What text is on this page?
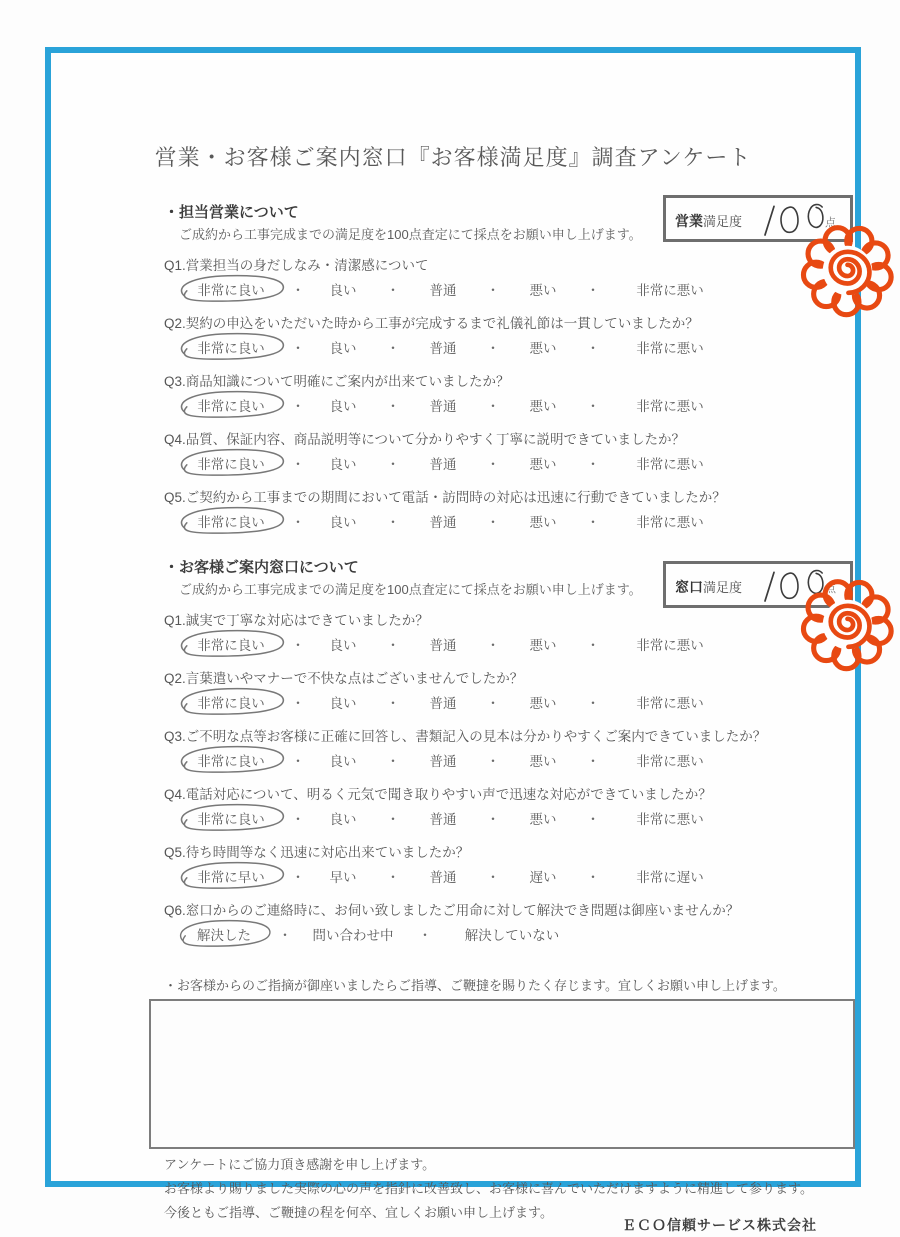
営業・お客様ご案内窓口『お客様満足度』調査アンケート
・担当営業について
ご成約から工事完成までの満足度を100点査定にて採点をお願い申し上げます。
Q1.営業担当の身だしなみ・清潔感について
非常に良い	・	良い	・	普通	・	悪い	・	非常に悪い
Q2.契約の申込をいただいた時から工事が完成するまで礼儀礼節は一貫していましたか？
非常に良い	・	良い	・	普通	・	悪い	・	非常に悪い
Q3.商品知識について明確にご案内が出来ていましたか？
非常に良い	・	良い	・	普通	・	悪い	・	非常に悪い
Q4.品質、保証内容、商品説明等について分かりやすく丁寧に説明できていましたか？
非常に良い	・	良い	・	普通	・	悪い	・	非常に悪い
Q5.ご契約から工事までの期間において電話・訪問時の対応は迅速に行動できていましたか？
非常に良い	・	良い	・	普通	・	悪い	・	非常に悪い
営業満足度	点
・お客様ご案内窓口について
ご成約から工事完成までの満足度を100点査定にて採点をお願い申し上げます。
Q1.誠実で丁寧な対応はできていましたか？
非常に良い	・	良い	・	普通	・	悪い	・	非常に悪い
Q2.言葉遣いやマナーで不快な点はございませんでしたか？
非常に良い	・	良い	・	普通	・	悪い	・	非常に悪い
Q3.ご不明な点等お客様に正確に回答し、書類記入の見本は分かりやすくご案内できていましたか？
非常に良い	・	良い	・	普通	・	悪い	・	非常に悪い
Q4.電話対応について、明るく元気で聞き取りやすい声で迅速な対応ができていましたか？
非常に良い	・	良い	・	普通	・	悪い	・	非常に悪い
Q5.待ち時間等なく迅速に対応出来ていましたか？
非常に早い	・	早い	・	普通	・	遅い	・	非常に遅い
Q6.窓口からのご連絡時に、お伺い致しましたご用命に対して解決でき問題は御座いませんか？
解決した	・	問い合わせ中	・	解決していない
窓口満足度	点
・お客様からのご指摘が御座いましたらご指導、ご鞭撻を賜りたく存じます。宜しくお願い申し上げます。
アンケートにご協力頂き感謝を申し上げます。
お客様より賜りました実際の心の声を指針に改善致し、お客様に喜んでいただけますように精進して参ります。
今後ともご指導、ご鞭撻の程を何卒、宜しくお願い申し上げます。
ＥＣＯ信頼サービス株式会社
